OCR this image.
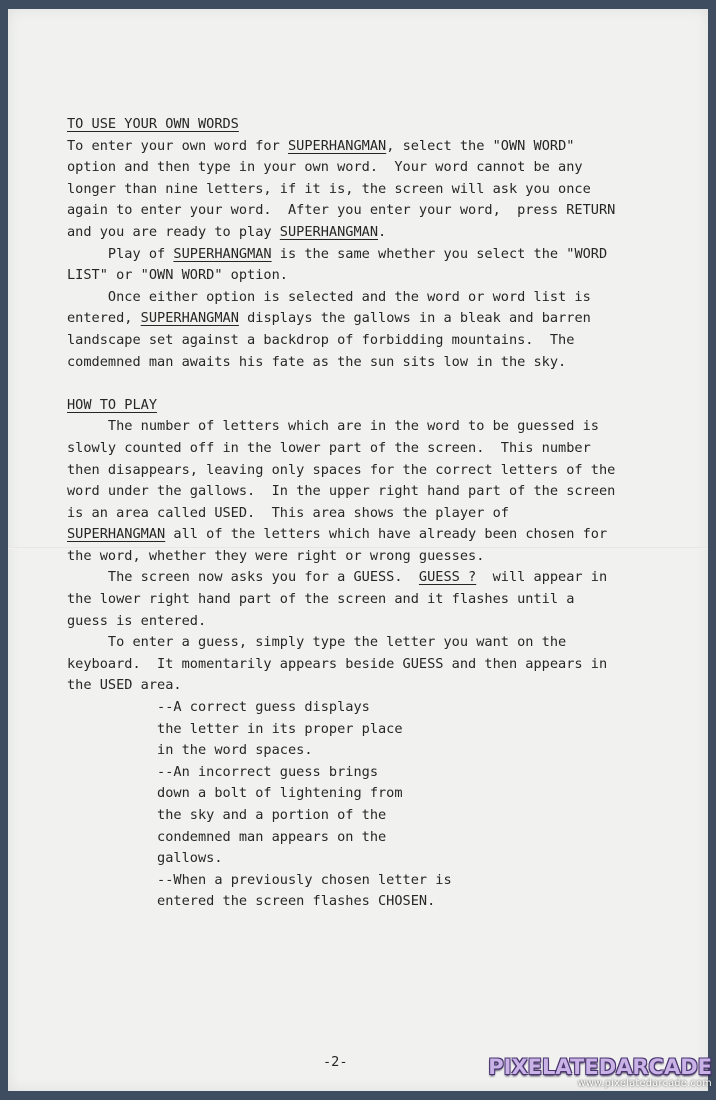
TO USE YOUR OWN WORDS
To enter your own word for SUPERHANGMAN, select the "OWN WORD"
option and then type in your own word.  Your word cannot be any
longer than nine letters, if it is, the screen will ask you once
again to enter your word.  After you enter your word,  press RETURN
and you are ready to play SUPERHANGMAN.
Play of SUPERHANGMAN is the same whether you select the "WORD
LIST" or "OWN WORD" option.
Once either option is selected and the word or word list is
entered, SUPERHANGMAN displays the gallows in a bleak and barren
landscape set against a backdrop of forbidding mountains.  The
comdemned man awaits his fate as the sun sits low in the sky.
HOW TO PLAY
The number of letters which are in the word to be guessed is
slowly counted off in the lower part of the screen.  This number
then disappears, leaving only spaces for the correct letters of the
word under the gallows.  In the upper right hand part of the screen
is an area called USED.  This area shows the player of
SUPERHANGMAN all of the letters which have already been chosen for
the word, whether they were right or wrong guesses.
The screen now asks you for a GUESS.  GUESS ?  will appear in
the lower right hand part of the screen and it flashes until a
guess is entered.
To enter a guess, simply type the letter you want on the
keyboard.  It momentarily appears beside GUESS and then appears in
the USED area.
--A correct guess displays
the letter in its proper place
in the word spaces.
--An incorrect guess brings
down a bolt of lightening from
the sky and a portion of the
condemned man appears on the
gallows.
--When a previously chosen letter is
entered the screen flashes CHOSEN.
-2-	PIXELATEDARCADE
www.pixelatedarcade.com
